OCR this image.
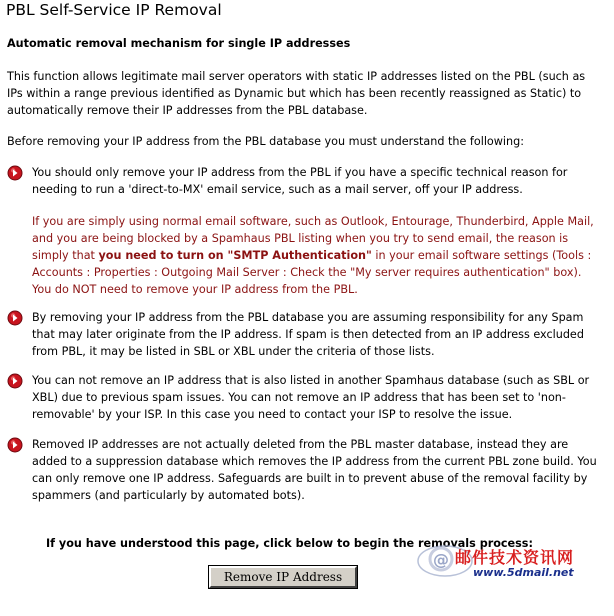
PBL Self-Service IP Removal
Automatic removal mechanism for single IP addresses

This function allows legitimate mail server operators with static IP addresses listed on the PBL (such as IPs within a range previous identified as Dynamic but which has been recently reassigned as Static) to automatically remove their IP addresses from the PBL database.

Before removing your IP address from the PBL database you must understand the following:

You should only remove your IP address from the PBL if you have a specific technical reason for needing to run a 'direct-to-MX' email service, such as a mail server, off your IP address.

If you are simply using normal email software, such as Outlook, Entourage, Thunderbird, Apple Mail, and you are being blocked by a Spamhaus PBL listing when you try to send email, the reason is simply that you need to turn on "SMTP Authentication" in your email software settings (Tools : Accounts : Properties : Outgoing Mail Server : Check the "My server requires authentication" box). You do NOT need to remove your IP address from the PBL.

By removing your IP address from the PBL database you are assuming responsibility for any Spam that may later originate from the IP address. If spam is then detected from an IP address excluded from PBL, it may be listed in SBL or XBL under the criteria of those lists.

You can not remove an IP address that is also listed in another Spamhaus database (such as SBL or XBL) due to previous spam issues. You can not remove an IP address that has been set to 'non-removable' by your ISP. In this case you need to contact your ISP to resolve the issue.

Removed IP addresses are not actually deleted from the PBL master database, instead they are added to a suppression database which removes the IP address from the current PBL zone build. You can only remove one IP address. Safeguards are built in to prevent abuse of the removal facility by spammers (and particularly by automated bots).

If you have understood this page, click below to begin the removals process:

@ 邮件技术资讯网
www.5dmail.net
Remove IP Address
